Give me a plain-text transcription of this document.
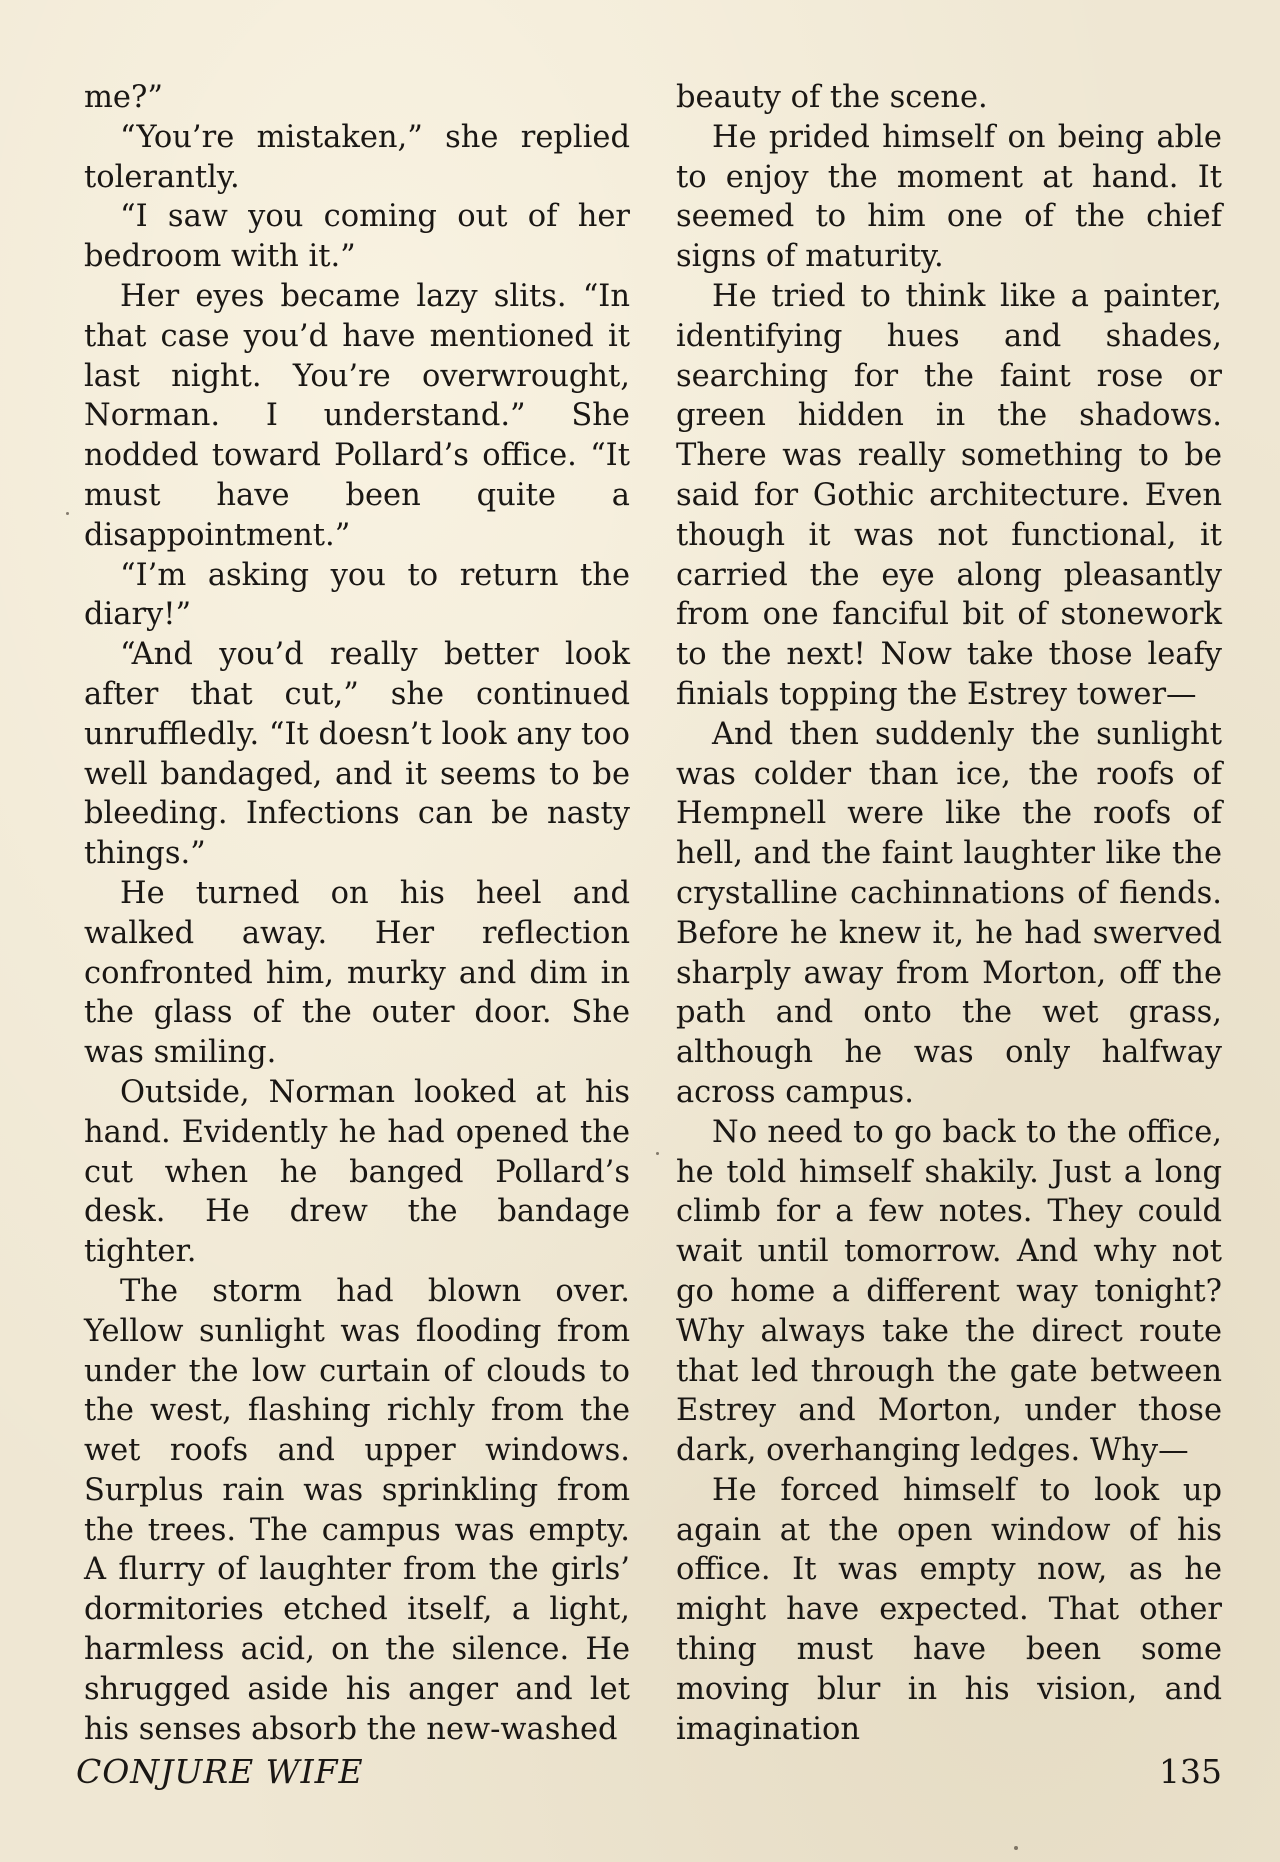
me?”

“You’re mistaken,” she replied tolerantly.

“I saw you coming out of her bedroom with it.”

Her eyes became lazy slits. “In that case you’d have mentioned it last night. You’re overwrought, Norman. I understand.” She nodded toward Pollard’s office. “It must have been quite a disappointment.”

“I’m asking you to return the diary!”

“And you’d really better look after that cut,” she continued unruffledly. “It doesn’t look any too well bandaged, and it seems to be bleeding. Infections can be nasty things.”

He turned on his heel and walked away. Her reflection confronted him, murky and dim in the glass of the outer door. She was smiling.

Outside, Norman looked at his hand. Evidently he had opened the cut when he banged Pollard’s desk. He drew the bandage tighter.

The storm had blown over. Yellow sunlight was flooding from under the low curtain of clouds to the west, flashing richly from the wet roofs and upper windows. Surplus rain was sprinkling from the trees. The campus was empty. A flurry of laughter from the girls’ dormitories etched itself, a light, harmless acid, on the silence. He shrugged aside his anger and let his senses absorb the new-washed

beauty of the scene.

He prided himself on being able to enjoy the moment at hand. It seemed to him one of the chief signs of maturity.

He tried to think like a painter, identifying hues and shades, searching for the faint rose or green hidden in the shadows. There was really something to be said for Gothic architecture. Even though it was not functional, it carried the eye along pleasantly from one fanciful bit of stonework to the next! Now take those leafy finials topping the Estrey tower—

And then suddenly the sunlight was colder than ice, the roofs of Hempnell were like the roofs of hell, and the faint laughter like the crystalline cachinnations of fiends. Before he knew it, he had swerved sharply away from Morton, off the path and onto the wet grass, although he was only halfway across campus.

No need to go back to the office, he told himself shakily. Just a long climb for a few notes. They could wait until tomorrow. And why not go home a different way tonight? Why always take the direct route that led through the gate between Estrey and Morton, under those dark, overhanging ledges. Why—

He forced himself to look up again at the open window of his office. It was empty now, as he might have expected. That other thing must have been some moving blur in his vision, and imagination

CONJURE WIFE	135
